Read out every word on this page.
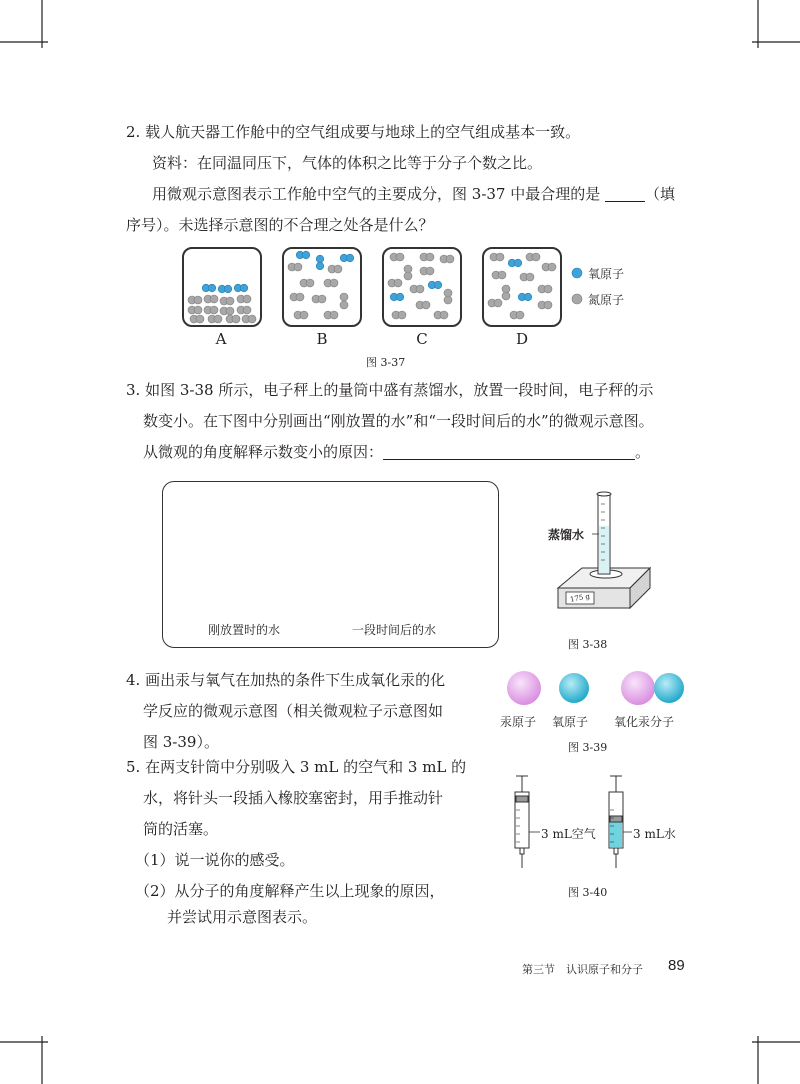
2. 载人航天器工作舱中的空气组成要与地球上的空气组成基本一致。
资料：在同温同压下，气体的体积之比等于分子个数之比。
用微观示意图表示工作舱中空气的主要成分，图 3-37 中最合理的是	（填
序号）。未选择示意图的不合理之处各是什么？
A	B	C	D
氧原子
氮原子
图 3-37
3. 如图 3-38 所示，电子秤上的量筒中盛有蒸馏水，放置一段时间，电子秤的示
数变小。在下图中分别画出“刚放置的水”和“一段时间后的水”的微观示意图。
从微观的角度解释示数变小的原因：	。
刚放置时的水	一段时间后的水
175 g
蒸馏水
图 3-38
4. 画出汞与氧气在加热的条件下生成氧化汞的化
学反应的微观示意图（相关微观粒子示意图如
图 3-39）。
汞原子 氧原子 氧化汞分子
图 3-39
5. 在两支针筒中分别吸入 3 mL 的空气和 3 mL 的
水，将针头一段插入橡胶塞密封，用手推动针
筒的活塞。
（1）说一说你的感受。
（2）从分子的角度解释产生以上现象的原因，
并尝试用示意图表示。
3 mL空气	3 mL水
图 3-40
第三节　认识原子和分子 89
